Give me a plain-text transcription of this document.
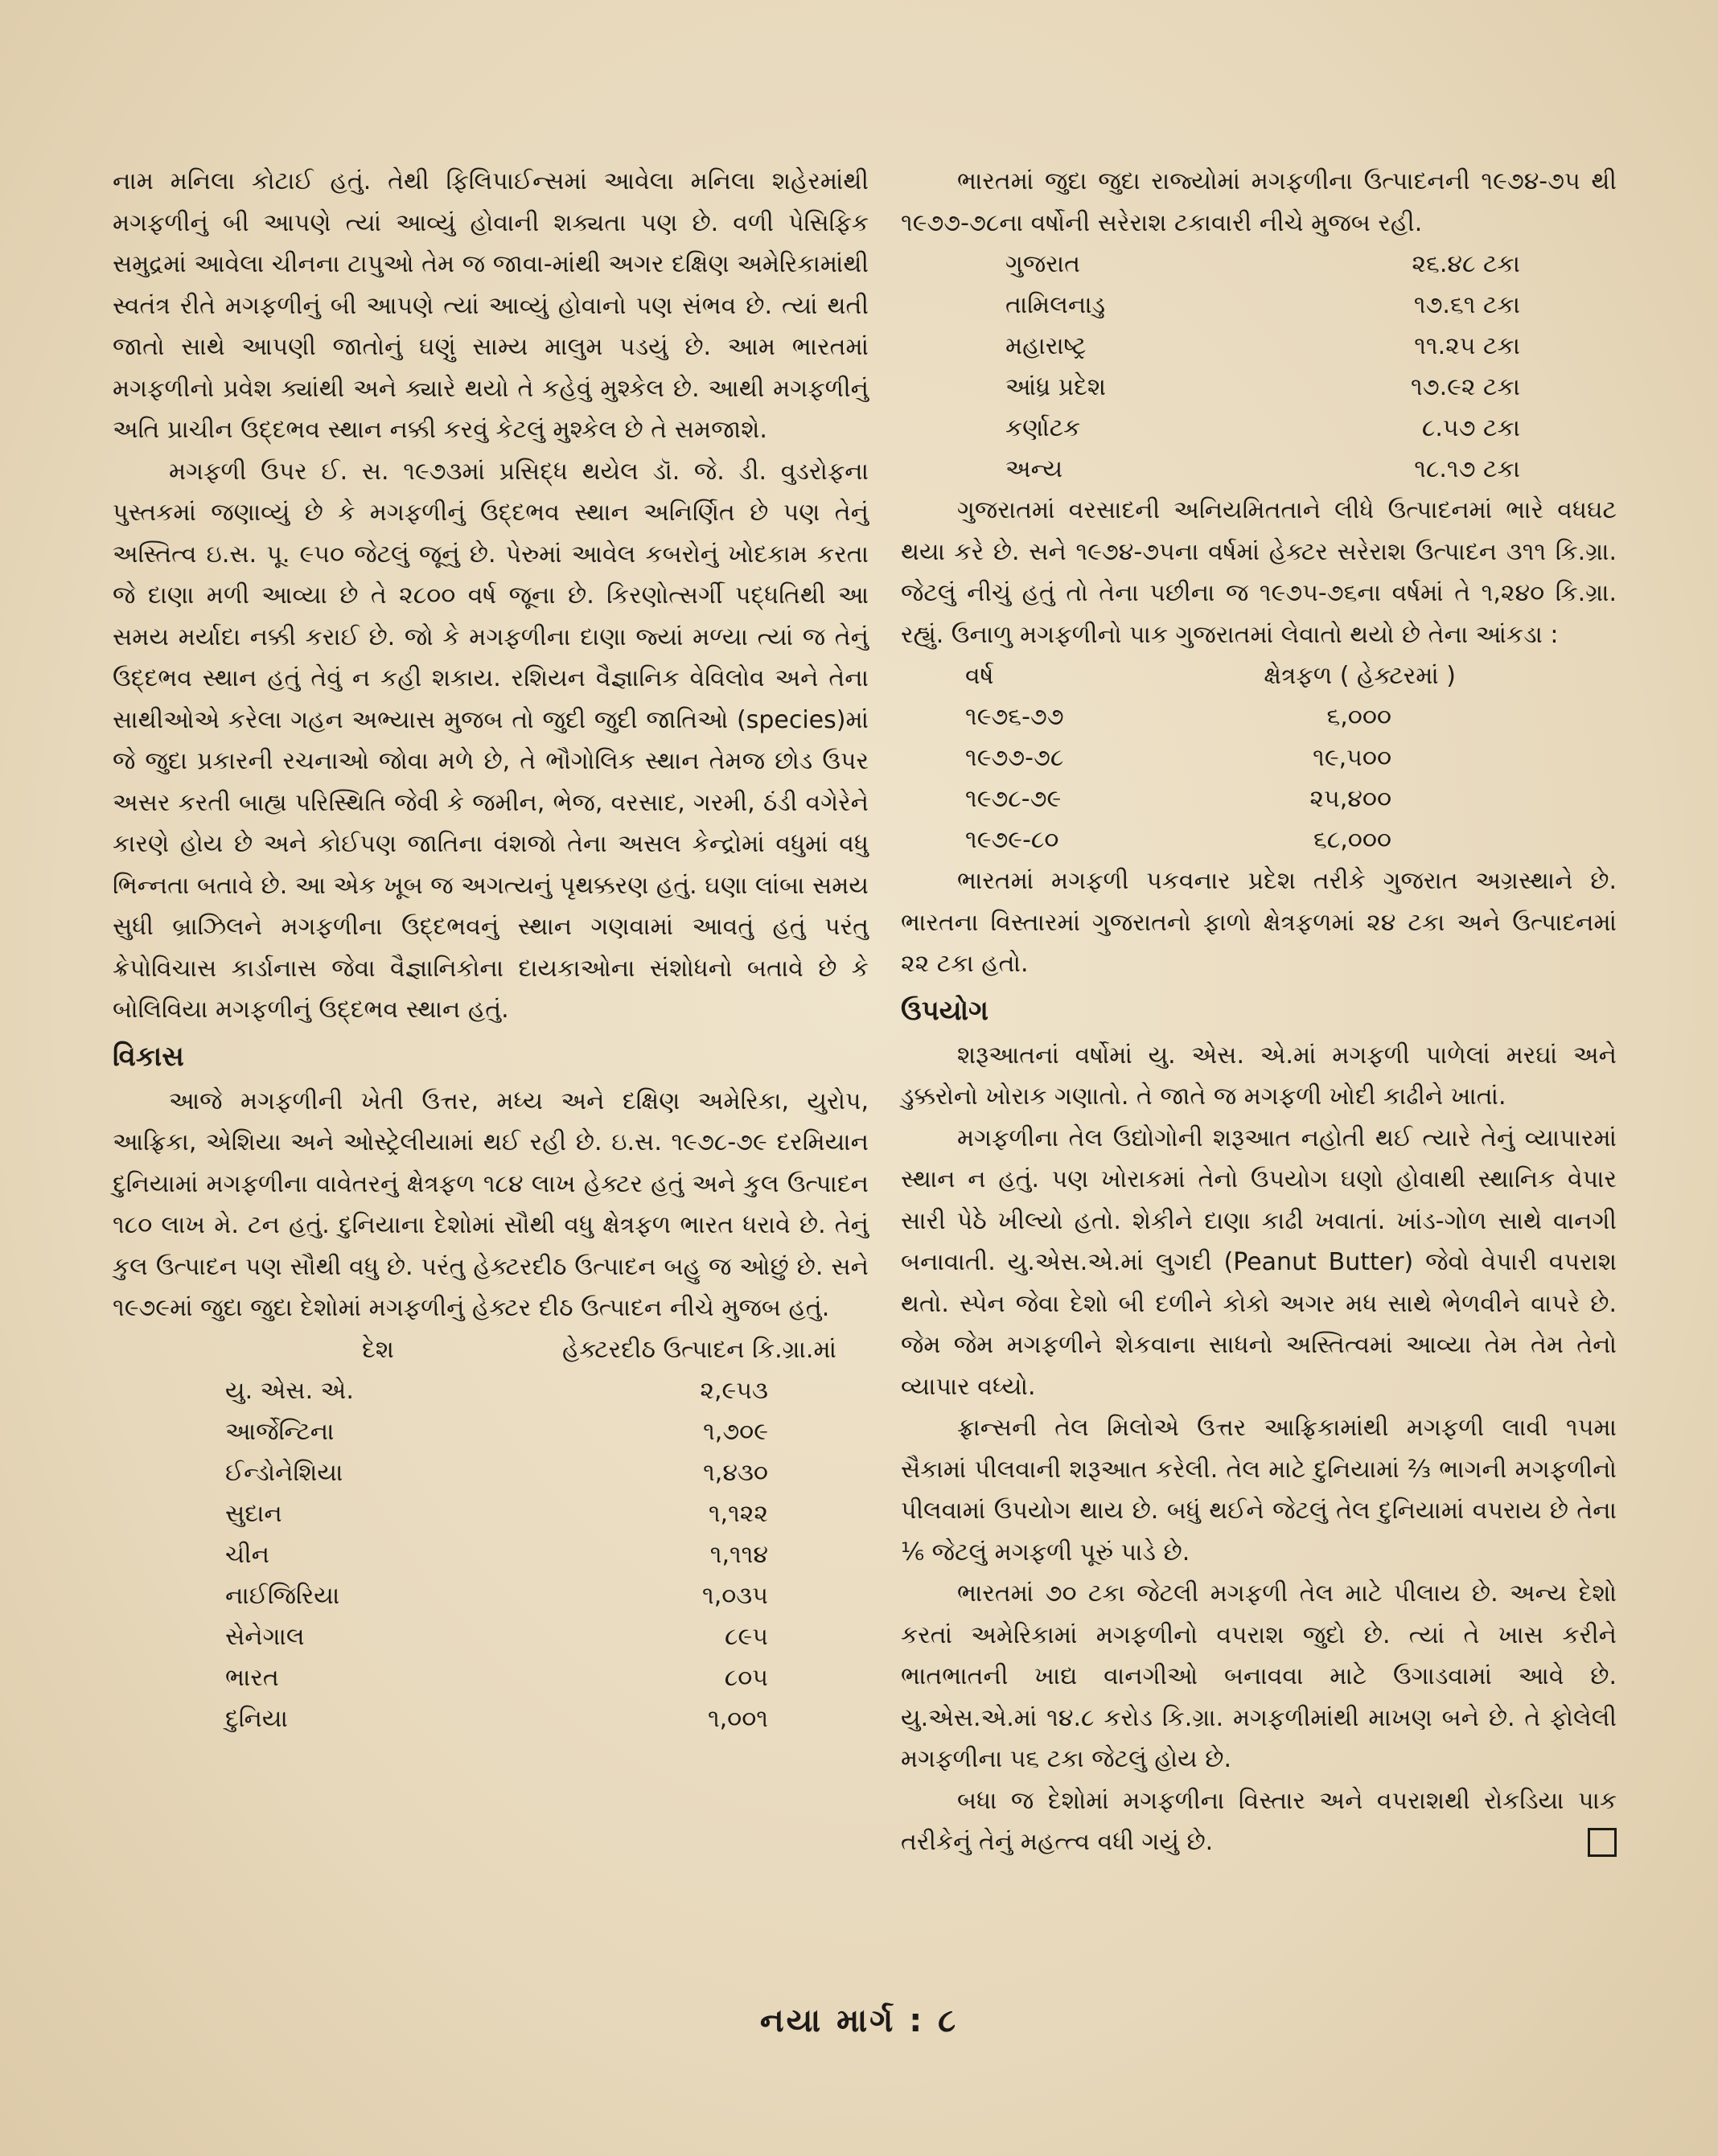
નામ મનિલા કોટાઈ હતું. તેથી ફિલિપાઈન્સમાં આવેલા મનિલા શહેરમાંથી મગફળીનું બી આપણે ત્યાં આવ્યું હોવાની શક્યતા પણ છે. વળી પેસિફિક સમુદ્રમાં આવેલા ચીનના ટાપુઓ તેમ જ જાવા-માંથી અગર દક્ષિણ અમેરિકામાંથી સ્વતંત્ર રીતે મગફળીનું બી આપણે ત્યાં આવ્યું હોવાનો પણ સંભવ છે. ત્યાં થતી જાતો સાથે આપણી જાતોનું ઘણું સામ્ય માલુમ પડયું છે. આમ ભારતમાં મગફળીનો પ્રવેશ ક્યાંથી અને ક્યારે થયો તે કહેવું મુશ્કેલ છે. આથી મગફળીનું અતિ પ્રાચીન ઉદ્દભવ સ્થાન નક્કી કરવું કેટલું મુશ્કેલ છે તે સમજાશે.

મગફળી ઉપર ઈ. સ. ૧૯૭૩માં પ્રસિદ્ધ થયેલ ડૉ. જે. ડી. વુડરોફના પુસ્તકમાં જણાવ્યું છે કે મગફળીનું ઉદ્દભવ સ્થાન અનિર્ણિત છે પણ તેનું અસ્તિત્વ ઇ.સ. પૂ. ૯૫૦ જેટલું જૂનું છે. પેરુમાં આવેલ કબરોનું ખોદકામ કરતા જે દાણા મળી આવ્યા છે તે ૨૮૦૦ વર્ષ જૂના છે. કિરણોત્સર્ગી પદ્ધતિથી આ સમય મર્યાદા નક્કી કરાઈ છે. જો કે મગફળીના દાણા જ્યાં મળ્યા ત્યાં જ તેનું ઉદ્દભવ સ્થાન હતું તેવું ન કહી શકાય. રશિયન વૈજ્ઞાનિક વેવિલોવ અને તેના સાથીઓએ કરેલા ગહન અભ્યાસ મુજબ તો જુદી જુદી જાતિઓ (species)માં જે જુદા પ્રકારની રચનાઓ જોવા મળે છે, તે ભૌગોલિક સ્થાન તેમજ છોડ ઉપર અસર કરતી બાહ્ય પરિસ્થિતિ જેવી કે જમીન, ભેજ, વરસાદ, ગરમી, ઠંડી વગેરેને કારણે હોય છે અને કોઈપણ જાતિના વંશજો તેના અસલ કેન્દ્રોમાં વધુમાં વધુ ભિન્નતા બતાવે છે. આ એક ખૂબ જ અગત્યનું પૃથક્કરણ હતું. ઘણા લાંબા સમય સુધી બ્રાઝિલને મગફળીના ઉદ્દભવનું સ્થાન ગણવામાં આવતું હતું પરંતુ ક્રેપોવિચાસ કાર્ડાનાસ જેવા વૈજ્ઞાનિકોના દાયકાઓના સંશોધનો બતાવે છે કે બોલિવિયા મગફળીનું ઉદ્દભવ સ્થાન હતું.

વિકાસ

આજે મગફળીની ખેતી ઉત્તર, મધ્ય અને દક્ષિણ અમેરિકા, યુરોપ, આફ્રિકા, એશિયા અને ઓસ્ટ્રેલીયામાં થઈ રહી છે. ઇ.સ. ૧૯૭૮-૭૯ દરમિયાન દુનિયામાં મગફળીના વાવેતરનું ક્ષેત્રફળ ૧૮૪ લાખ હેક્ટર હતું અને કુલ ઉત્પાદન ૧૮૦ લાખ મે. ટન હતું. દુનિયાના દેશોમાં સૌથી વધુ ક્ષેત્રફળ ભારત ધરાવે છે. તેનું કુલ ઉત્પાદન પણ સૌથી વધુ છે. પરંતુ હેક્ટરદીઠ ઉત્પાદન બહુ જ ઓછું છે. સને ૧૯૭૯માં જુદા જુદા દેશોમાં મગફળીનું હેક્ટર દીઠ ઉત્પાદન નીચે મુજબ હતું.

દેશ	હેક્ટરદીઠ ઉત્પાદન કિ.ગ્રા.માં
યુ. એસ. એ.	૨,૯૫૩
આર્જેન્ટિના	૧,૭૦૯
ઈન્ડોનેશિયા	૧,૪૩૦
સુદાન	૧,૧૨૨
ચીન	૧,૧૧૪
નાઈજિરિયા	૧,૦૩૫
સેનેગાલ	૮૯૫
ભારત	૮૦૫
દુનિયા	૧,૦૦૧

ભારતમાં જુદા જુદા રાજ્યોમાં મગફળીના ઉત્પાદનની ૧૯૭૪-૭૫ થી ૧૯૭૭-૭૮ના વર્ષોની સરેરાશ ટકાવારી નીચે મુજબ રહી.

ગુજરાત	૨૬.૪૮ ટકા
તામિલનાડુ	૧૭.૬૧ ટકા
મહારાષ્ટ્ર	૧૧.૨૫ ટકા
આંધ્ર પ્રદેશ	૧૭.૯૨ ટકા
કર્ણાટક	૮.૫૭ ટકા
અન્ય	૧૮.૧૭ ટકા

ગુજરાતમાં વરસાદની અનિયમિતતાને લીધે ઉત્પાદનમાં ભારે વધઘટ થયા કરે છે. સને ૧૯૭૪-૭૫ના વર્ષમાં હેક્ટર સરેરાશ ઉત્પાદન ૩૧૧ કિ.ગ્રા. જેટલું નીચું હતું તો તેના પછીના જ ૧૯૭૫-૭૬ના વર્ષમાં તે ૧,૨૪૦ કિ.ગ્રા. રહ્યું. ઉનાળુ મગફળીનો પાક ગુજરાતમાં લેવાતો થયો છે તેના આંકડા :

વર્ષ	ક્ષેત્રફળ ( હેક્ટરમાં )
૧૯૭૬-૭૭	૬,૦૦૦
૧૯૭૭-૭૮	૧૯,૫૦૦
૧૯૭૮-૭૯	૨૫,૪૦૦
૧૯૭૯-૮૦	૬૮,૦૦૦

ભારતમાં મગફળી પકવનાર પ્રદેશ તરીકે ગુજરાત અગ્રસ્થાને છે. ભારતના વિસ્તારમાં ગુજરાતનો ફાળો ક્ષેત્રફળમાં ૨૪ ટકા અને ઉત્પાદનમાં ૨૨ ટકા હતો.

ઉપયોગ

શરૂઆતનાં વર્ષોમાં યુ. એસ. એ.માં મગફળી પાળેલાં મરઘાં અને ડુક્કરોનો ખોરાક ગણાતો. તે જાતે જ મગફળી ખોદી કાઢીને ખાતાં.

મગફળીના તેલ ઉદ્યોગોની શરૂઆત નહોતી થઈ ત્યારે તેનું વ્યાપારમાં સ્થાન ન હતું. પણ ખોરાકમાં તેનો ઉપયોગ ઘણો હોવાથી સ્થાનિક વેપાર સારી પેઠે ખીલ્યો હતો. શેકીને દાણા કાઢી ખવાતાં. ખાંડ-ગોળ સાથે વાનગી બનાવાતી. યુ.એસ.એ.માં લુગદી (Peanut Butter) જેવો વેપારી વપરાશ થતો. સ્પેન જેવા દેશો બી દળીને કોકો અગર મધ સાથે ભેળવીને વાપરે છે. જેમ જેમ મગફળીને શેકવાના સાધનો અસ્તિત્વમાં આવ્યા તેમ તેમ તેનો વ્યાપાર વધ્યો.

ફ્રાન્સની તેલ મિલોએ ઉત્તર આફ્રિકામાંથી મગફળી લાવી ૧૫મા સૈકામાં પીલવાની શરૂઆત કરેલી. તેલ માટે દુનિયામાં ⅔ ભાગની મગફળીનો પીલવામાં ઉપયોગ થાય છે. બધું થઈને જેટલું તેલ દુનિયામાં વપરાય છે તેના ⅙ જેટલું મગફળી પૂરું પાડે છે.

ભારતમાં ૭૦ ટકા જેટલી મગફળી તેલ માટે પીલાય છે. અન્ય દેશો કરતાં અમેરિકામાં મગફળીનો વપરાશ જુદો છે. ત્યાં તે ખાસ કરીને ભાતભાતની ખાદ્ય વાનગીઓ બનાવવા માટે ઉગાડવામાં આવે છે. યુ.એસ.એ.માં ૧૪.૮ કરોડ કિ.ગ્રા. મગફળીમાંથી માખણ બને છે. તે ફોલેલી મગફળીના ૫૬ ટકા જેટલું હોય છે.

બધા જ દેશોમાં મગફળીના વિસ્તાર અને વપરાશથી રોકડિયા પાક તરીકેનું તેનું મહત્ત્વ વધી ગયું છે.

નયા માર્ગ : ૮
